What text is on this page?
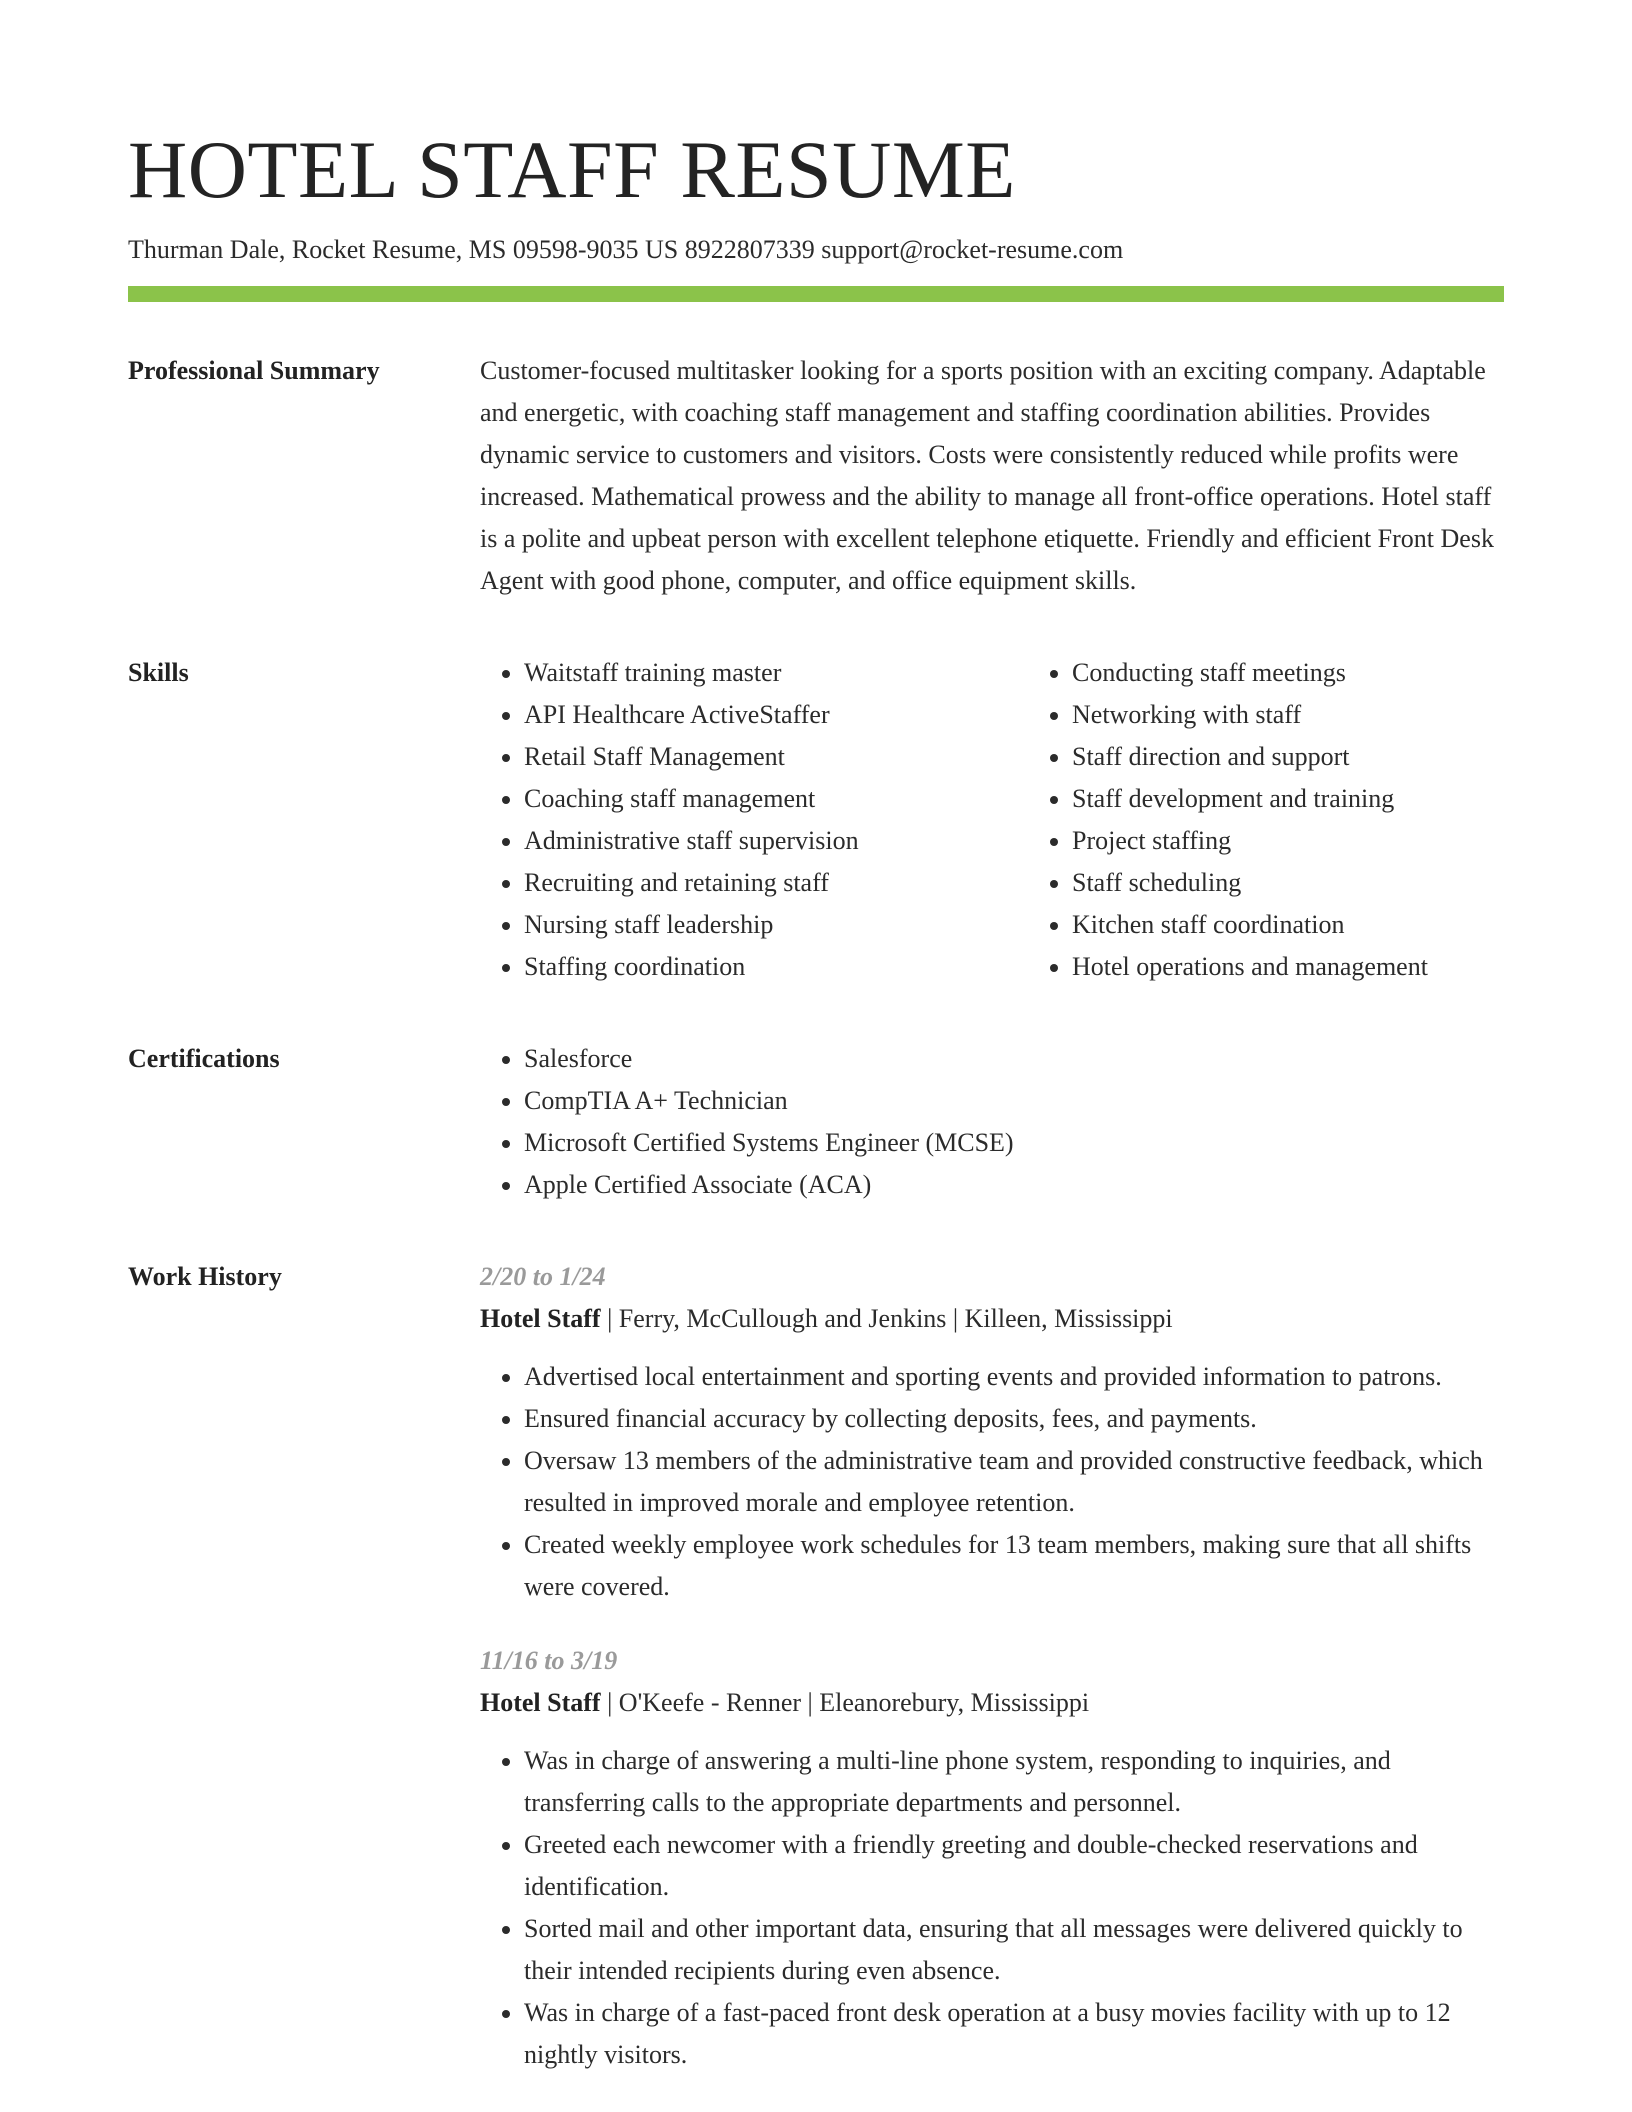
HOTEL STAFF RESUME
Thurman Dale, Rocket Resume, MS 09598-9035 US 8922807339 support@rocket-resume.com
Professional Summary	Customer-focused multitasker looking for a sports position with an exciting company. Adaptable and energetic, with coaching staff management and staffing coordination abilities. Provides dynamic service to customers and visitors. Costs were consistently reduced while profits were increased. Mathematical prowess and the ability to manage all front-office operations. Hotel staff is a polite and upbeat person with excellent telephone etiquette. Friendly and efficient Front Desk Agent with good phone, computer, and office equipment skills.

Skills	• Waitstaff training master
• API Healthcare ActiveStaffer
• Retail Staff Management
• Coaching staff management
• Administrative staff supervision
• Recruiting and retaining staff
• Nursing staff leadership
• Staffing coordination
• Conducting staff meetings
• Networking with staff
• Staff direction and support
• Staff development and training
• Project staffing
• Staff scheduling
• Kitchen staff coordination
• Hotel operations and management
Certifications	• Salesforce
• CompTIA A+ Technician
• Microsoft Certified Systems Engineer (MCSE)
• Apple Certified Associate (ACA)
Work History	2/20 to 1/24
Hotel Staff | Ferry, McCullough and Jenkins | Killeen, Mississippi
• Advertised local entertainment and sporting events and provided information to patrons.
• Ensured financial accuracy by collecting deposits, fees, and payments.
• Oversaw 13 members of the administrative team and provided constructive feedback, which resulted in improved morale and employee retention.
• Created weekly employee work schedules for 13 team members, making sure that all shifts were covered.
11/16 to 3/19
Hotel Staff | O'Keefe - Renner | Eleanorebury, Mississippi
• Was in charge of answering a multi-line phone system, responding to inquiries, and transferring calls to the appropriate departments and personnel.
• Greeted each newcomer with a friendly greeting and double-checked reservations and identification.
• Sorted mail and other important data, ensuring that all messages were delivered quickly to their intended recipients during even absence.
• Was in charge of a fast-paced front desk operation at a busy movies facility with up to 12 nightly visitors.
